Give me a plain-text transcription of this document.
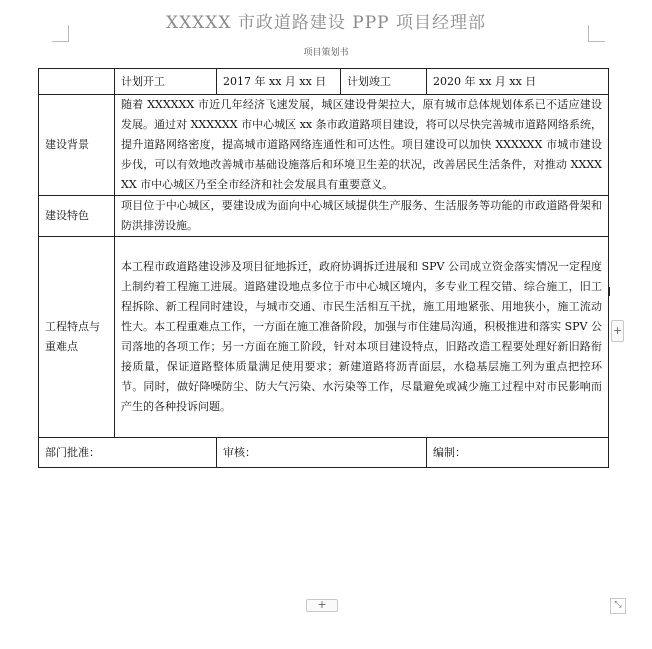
XXXXX 市政道路建设 PPP 项目经理部
项目策划书
	计划开工	2017 年 xx 月 xx 日	计划竣工	2020 年 xx 月 xx 日
建设背景	随着 XXXXXX 市近几年经济飞速发展，城区建设骨架拉大，原有城市总体规划体系已不适应建设发展。通过对 XXXXXX 市中心城区 xx 条市政道路项目建设，将可以尽快完善城市道路网络系统，提升道路网络密度，提高城市道路网络连通性和可达性。项目建设可以加快 XXXXXX 市城市建设步伐，可以有效地改善城市基础设施落后和环境卫生差的状况，改善居民生活条件，对推动 XXXXXX 市中心城区乃至全市经济和社会发展具有重要意义。			

建设特色	项目位于中心城区，要建设成为面向中心城区域提供生产服务、生活服务等功能的市政道路骨架和防洪排涝设施。			

工程特点与重难点	本工程市政道路建设涉及项目征地拆迁，政府协调拆迁进展和 SPV 公司成立资金落实情况一定程度上制约着工程施工进展。道路建设地点多位于市中心城区境内，多专业工程交错、综合施工，旧工程拆除、新工程同时建设，与城市交通、市民生活相互干扰，施工用地紧张、用地狭小，施工流动性大。本工程重难点工作，一方面在施工准备阶段，加强与市住建局沟通，积极推进和落实 SPV 公司落地的各项工作；另一方面在施工阶段，针对本项目建设特点，旧路改造工程要处理好新旧路衔接质量，保证道路整体质量满足使用要求；新建道路将沥青面层，水稳基层施工列为重点把控环节。同时，做好降噪防尘、防大气污染、水污染等工作，尽量避免或减少施工过程中对市民影响而产生的各种投诉问题。			

部门批准：		审核：		编制：
+
+	⤡
